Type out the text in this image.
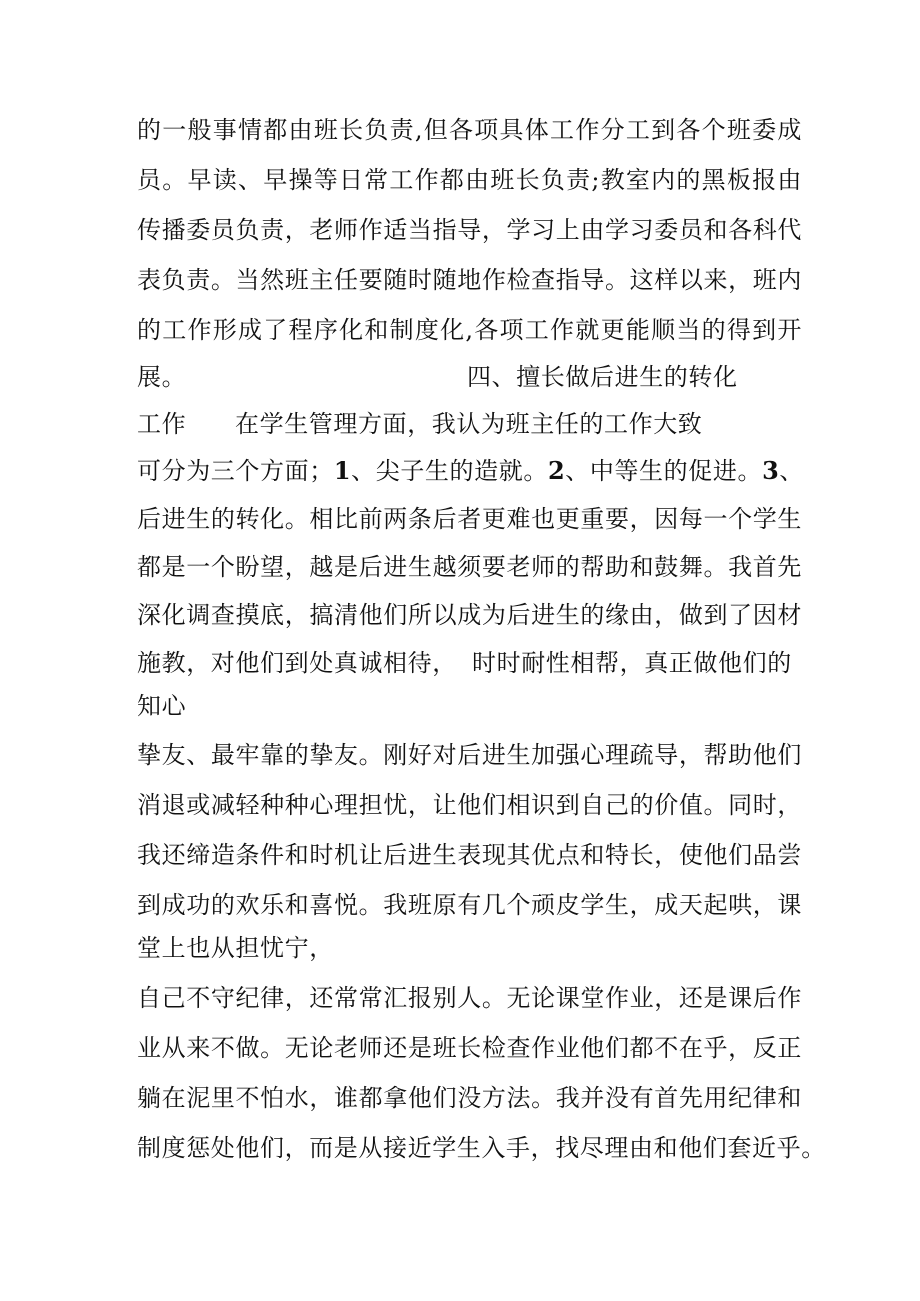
的一般事情都由班长负责,但各项具体工作分工到各个班委成
员。早读、早操等日常工作都由班长负责;教室内的黑板报由
传播委员负责，老师作适当指导，学习上由学习委员和各科代
表负责。当然班主任要随时随地作检查指导。这样以来，班内
的工作形成了程序化和制度化,各项工作就更能顺当的得到开
展。	四、擅长做后进生的转化
工作 在学生管理方面，我认为班主任的工作大致
可分为三个方面；1、尖子生的造就。2、中等生的促进。3、
后进生的转化。相比前两条后者更难也更重要，因每一个学生
都是一个盼望，越是后进生越须要老师的帮助和鼓舞。我首先
深化调查摸底，搞清他们所以成为后进生的缘由，做到了因材
施教，对他们到处真诚相待， 时时耐性相帮，真正做他们的
知心
挚友、最牢靠的挚友。刚好对后进生加强心理疏导，帮助他们
消退或减轻种种心理担忧，让他们相识到自己的价值。同时，
我还缔造条件和时机让后进生表现其优点和特长，使他们品尝
到成功的欢乐和喜悦。我班原有几个顽皮学生，成天起哄，课
堂上也从担忧宁，
自己不守纪律，还常常汇报别人。无论课堂作业，还是课后作
业从来不做。无论老师还是班长检查作业他们都不在乎，反正
躺在泥里不怕水，谁都拿他们没方法。我并没有首先用纪律和
制度惩处他们，而是从接近学生入手，找尽理由和他们套近乎。
